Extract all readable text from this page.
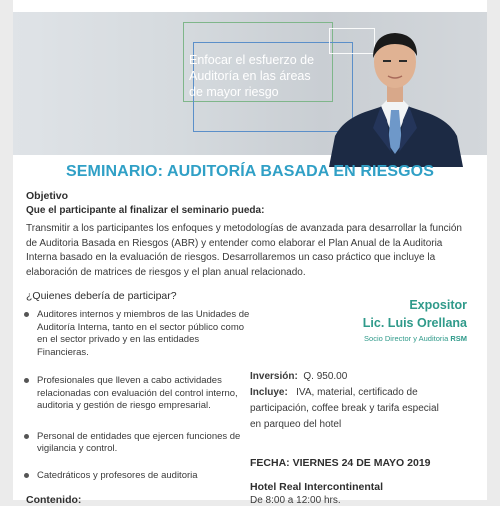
Enfocar el esfuerzo de
Auditoría en las áreas
de mayor riesgo
SEMINARIO: AUDITORÍA BASADA EN RIESGOS
Objetivo
Que el participante al finalizar el seminario pueda:

Transmitir a los participantes los enfoques y metodologías de avanzada para desarrollar la función de Auditoria Basada en Riesgos (ABR) y entender como elaborar el Plan Anual de la Auditoria Interna basado en la evaluación de riesgos. Desarrollaremos un caso práctico que incluye la elaboración de matrices de riesgos y el plan anual relacionado.

¿Quienes debería de participar?
Auditores internos y miembros de las Unidades de Auditoría Interna, tanto en el sector público como en el sector privado y en las entidades Financieras.
Profesionales que lleven a cabo actividades relacionadas con evaluación del control interno, auditoria y gestión de riesgo empresarial.
Personal de entidades que ejercen funciones de vigilancia y control.
Catedráticos y profesores de auditoria
Contenido:
Expositor
Lic. Luis Orellana
Socio Director y Auditoria RSM
Inversión: Q. 950.00
Incluye: IVA, material, certificado de
participación, coffee break y tarifa especial
en parqueo del hotel
FECHA: VIERNES 24 DE MAYO 2019
Hotel Real Intercontinental
De 8:00 a 12:00 hrs.
